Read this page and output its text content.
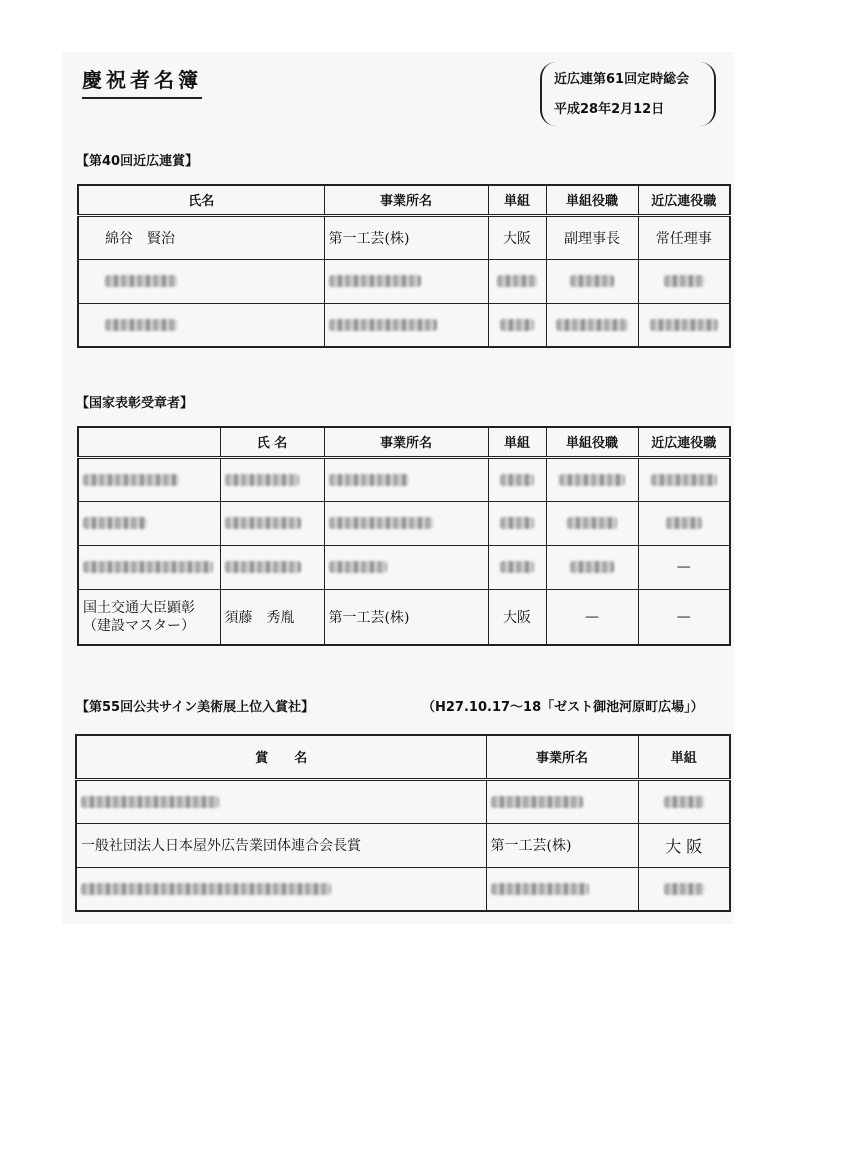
慶祝者名簿	近広連第61回定時総会
平成28年2月12日
【第40回近広連賞】
氏名	事業所名	単組	単組役職	近広連役職
綿谷　賢治	第一工芸(株)	大阪	副理事長	常任理事

【国家表彰受章者】
	氏 名	事業所名	単組	単組役職	近広連役職

					—

国土交通大臣顕彰
（建設マスター）	須藤　秀胤	第一工芸(株)	大阪	—	—
【第55回公共サイン美術展上位入賞社】	（H27.10.17～18「ゼスト御池河原町広場」）
賞　　名	事業所名	単組

一般社団法人日本屋外広告業団体連合会長賞	第一工芸(株)	大 阪
